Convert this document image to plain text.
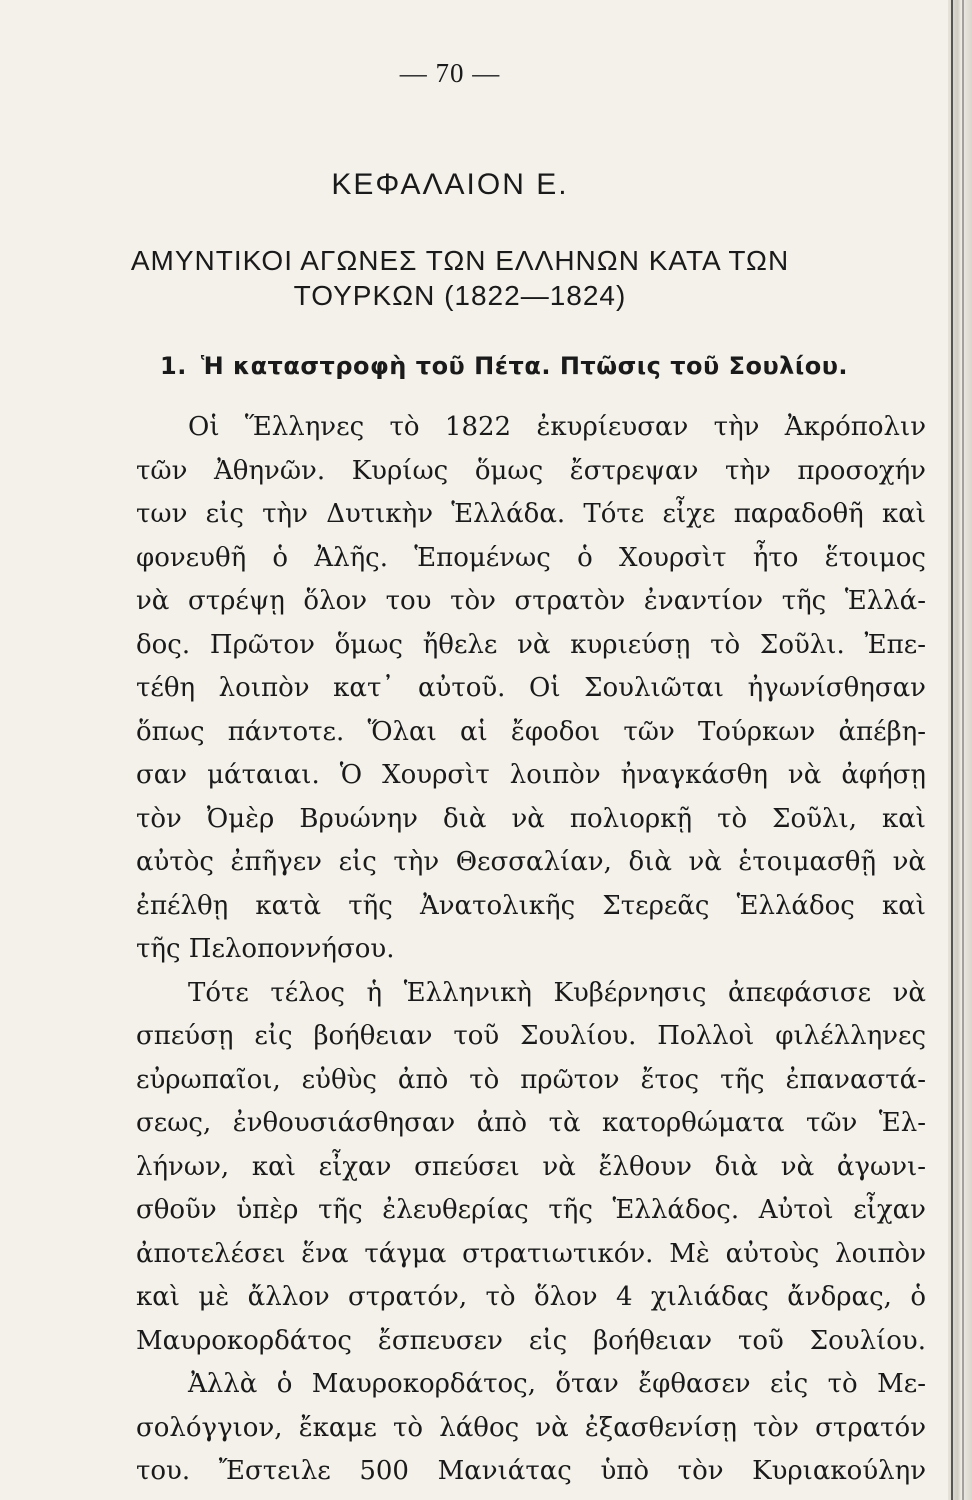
— 70 —
ΚΕΦΑΛΑΙΟΝ Ε.
ΑΜΥΝΤΙΚΟΙ ΑΓΩΝΕΣ ΤΩΝ ΕΛΛΗΝΩΝ ΚΑΤΑ ΤΩΝ
ΤΟΥΡΚΩΝ (1822—1824)
1. Ἡ καταστροφὴ τοῦ Πέτα. Πτῶσις τοῦ Σουλίου.
Οἱ Ἕλληνες τὸ 1822 ἐκυρίευσαν τὴν Ἀκρόπολιν
τῶν Ἀθηνῶν. Κυρίως ὅμως ἔστρεψαν τὴν προσοχήν
των εἰς τὴν Δυτικὴν Ἑλλάδα. Τότε εἶχε παραδοθῆ καὶ
φονευθῆ ὁ Ἀλῆς. Ἑπομένως ὁ Χουρσὶτ ἦτο ἕτοιμος
νὰ στρέψῃ ὅλον του τὸν στρατὸν ἐναντίον τῆς Ἑλλά-
δος. Πρῶτον ὅμως ἤθελε νὰ κυριεύσῃ τὸ Σοῦλι. Ἐπε-
τέθη λοιπὸν κατ᾽ αὐτοῦ. Οἱ Σουλιῶται ἠγωνίσθησαν
ὅπως πάντοτε. Ὅλαι αἱ ἔφοδοι τῶν Τούρκων ἀπέβη-
σαν μάταιαι. Ὁ Χουρσὶτ λοιπὸν ἠναγκάσθη νὰ ἀφήσῃ
τὸν Ὀμὲρ Βρυώνην διὰ νὰ πολιορκῇ τὸ Σοῦλι, καὶ
αὐτὸς ἐπῆγεν εἰς τὴν Θεσσαλίαν, διὰ νὰ ἑτοιμασθῇ νὰ
ἐπέλθῃ κατὰ τῆς Ἀνατολικῆς Στερεᾶς Ἑλλάδος καὶ
τῆς Πελοποννήσου.
Τότε τέλος ἡ Ἑλληνικὴ Κυβέρνησις ἀπεφάσισε νὰ
σπεύσῃ εἰς βοήθειαν τοῦ Σουλίου. Πολλοὶ φιλέλληνες
εὐρωπαῖοι, εὐθὺς ἀπὸ τὸ πρῶτον ἔτος τῆς ἐπαναστά-
σεως, ἐνθουσιάσθησαν ἀπὸ τὰ κατορθώματα τῶν Ἑλ-
λήνων, καὶ εἶχαν σπεύσει νὰ ἔλθουν διὰ νὰ ἀγωνι-
σθοῦν ὑπὲρ τῆς ἐλευθερίας τῆς Ἑλλάδος. Αὐτοὶ εἶχαν
ἀποτελέσει ἕνα τάγμα στρατιωτικόν. Μὲ αὐτοὺς λοιπὸν
καὶ μὲ ἄλλον στρατόν, τὸ ὅλον 4 χιλιάδας ἄνδρας, ὁ
Μαυροκορδάτος ἔσπευσεν εἰς βοήθειαν τοῦ Σουλίου.
Ἀλλὰ ὁ Μαυροκορδάτος, ὅταν ἔφθασεν εἰς τὸ Με-
σολόγγιον, ἔκαμε τὸ λάθος νὰ ἐξασθενίσῃ τὸν στρατόν
του. Ἔστειλε 500 Μανιάτας ὑπὸ τὸν Κυριακούλην
